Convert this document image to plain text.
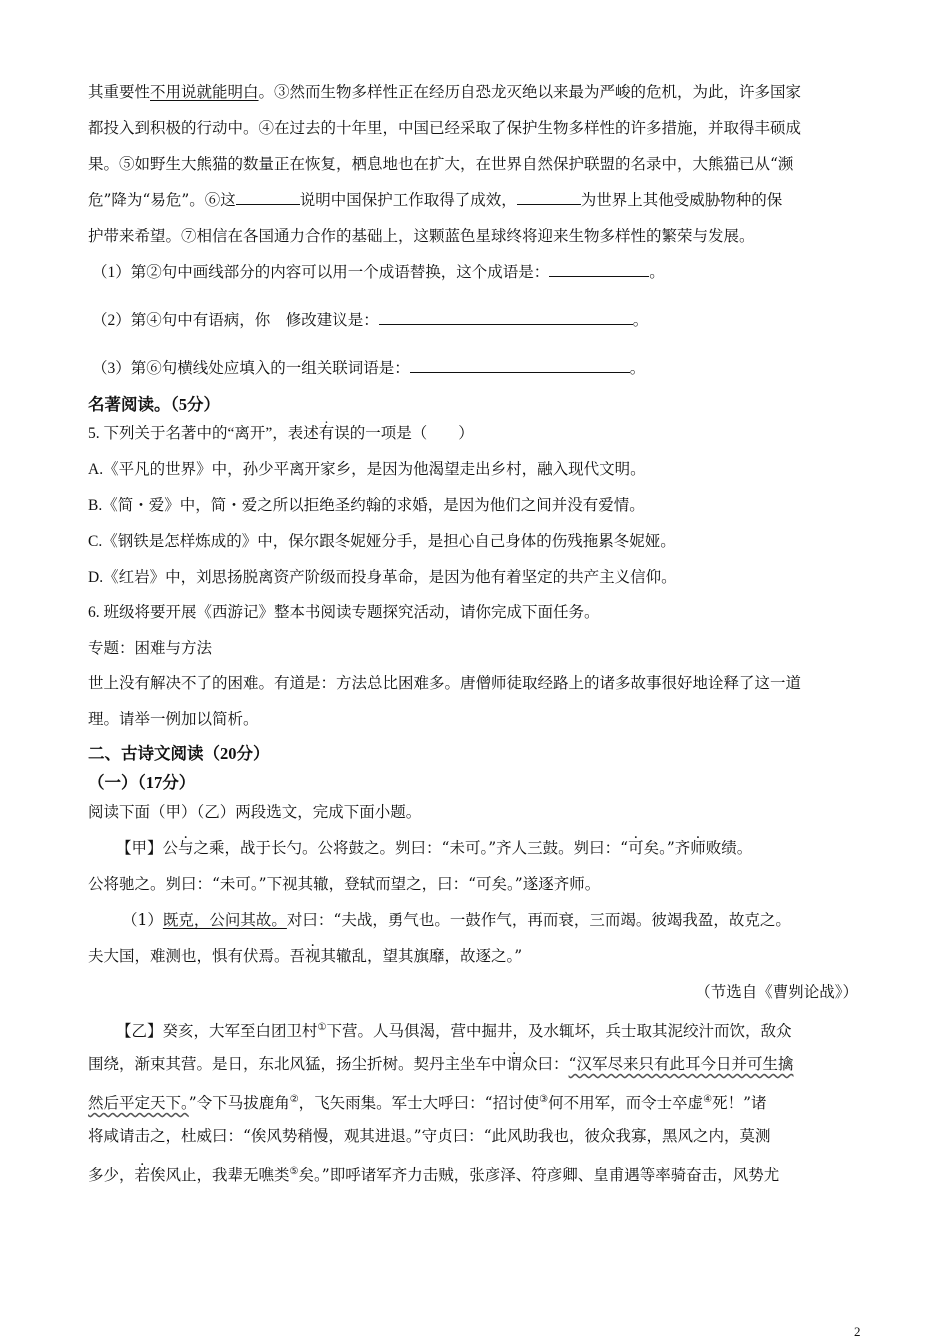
其重要性不用说就能明白。③然而生物多样性正在经历自恐龙灭绝以来最为严峻的危机，为此，许多国家
都投入到积极的行动中。④在过去的十年里，中国已经采取了保护生物多样性的许多措施，并取得丰硕成
果。⑤如野生大熊猫的数量正在恢复，栖息地也在扩大，在世界自然保护联盟的名录中，大熊猫已从“濒
危”降为“易危”。⑥这	说明中国保护工作取得了成效，	为世界上其他受威胁物种的保
护带来希望。⑦相信在各国通力合作的基础上，这颗蓝色星球终将迎来生物多样性的繁荣与发展。
（1）第②句中画线部分的内容可以用一个成语替换，这个成语是：	。
（2）第④句中有语病，你　修改建议是：	。
（3）第⑥句横线处应填入的一组关联词语是：	。
名著阅读。（5分）
5. 下列关于名著中的“离开”，表述有误的一项是（　　）
A.《平凡的世界》中，孙少平离开家乡，是因为他渴望走出乡村，融入现代文明。
B.《简・爱》中，简・爱之所以拒绝圣约翰的求婚，是因为他们之间并没有爱情。
C.《钢铁是怎样炼成的》中，保尔跟冬妮娅分手，是担心自己身体的伤残拖累冬妮娅。
D.《红岩》中，刘思扬脱离资产阶级而投身革命，是因为他有着坚定的共产主义信仰。
6. 班级将要开展《西游记》整本书阅读专题探究活动，请你完成下面任务。
专题：困难与方法
世上没有解决不了的困难。有道是：方法总比困难多。唐僧师徒取经路上的诸多故事很好地诠释了这一道
理。请举一例加以简析。
二、古诗文阅读（20分）
（一）（17分）
阅读下面（甲）（乙）两段选文，完成下面小题。
【甲】公与之乘，战于长勺。公将鼓之。刿曰：“未可。”齐人三鼓。刿曰：“可矣。”齐师败绩。
公将驰之。刿曰：“未可。”下视其辙，登轼而望之，曰：“可矣。”遂逐齐师。
（1）既克，公问其故。对曰：“夫战，勇气也。一鼓作气，再而衰，三而竭。彼竭我盈，故克之。
夫大国，难测也，惧有伏焉。吾视其辙乱，望其旗靡，故逐之。”
（节选自《曹刿论战》）
【乙】癸亥，大军至白团卫村①下营。人马俱渴，营中掘井，及水辄坏，兵士取其泥绞汁而饮，敌众
围绕，渐束其营。是日，东北风猛，扬尘折树。契丹主坐车中谓众曰：“汉军尽来只有此耳今日并可生擒
然后平定天下。”令下马拔鹿角②，飞矢雨集。军士大呼曰：“招讨使③何不用军，而令士卒虚④死！”诸
将咸请击之，杜威曰：“俟风势稍慢，观其进退。”守贞曰：“此风助我也，彼众我寡，黑风之内，莫测
多少，若俟风止，我辈无噍类⑤矣。”即呼诸军齐力击贼，张彦泽、符彦卿、皇甫遇等率骑奋击，风势尤
2
